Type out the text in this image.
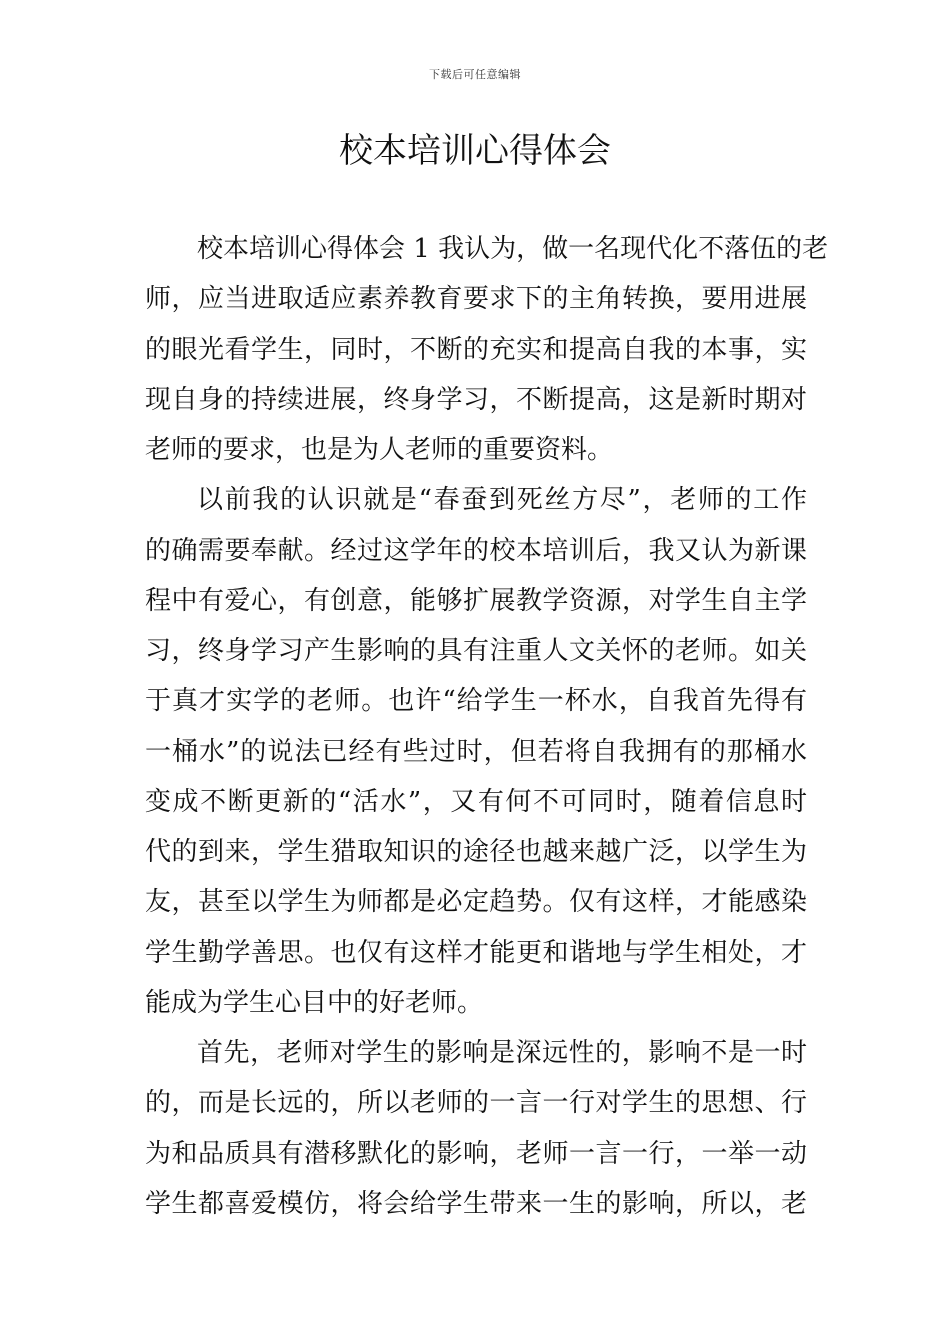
下载后可任意编辑
校本培训心得体会
校本培训心得体会 1 我认为，做一名现代化不落伍的老
师，应当进取适应素养教育要求下的主角转换，要用进展
的眼光看学生，同时，不断的充实和提高自我的本事，实
现自身的持续进展，终身学习，不断提高，这是新时期对
老师的要求，也是为人老师的重要资料。
以前我的认识就是“春蚕到死丝方尽”，老师的工作
的确需要奉献。经过这学年的校本培训后，我又认为新课
程中有爱心，有创意，能够扩展教学资源，对学生自主学
习，终身学习产生影响的具有注重人文关怀的老师。如关
于真才实学的老师。也许“给学生一杯水，自我首先得有
一桶水”的说法已经有些过时，但若将自我拥有的那桶水
变成不断更新的“活水”，又有何不可同时，随着信息时
代的到来，学生猎取知识的途径也越来越广泛，以学生为
友，甚至以学生为师都是必定趋势。仅有这样，才能感染
学生勤学善思。也仅有这样才能更和谐地与学生相处，才
能成为学生心目中的好老师。
首先，老师对学生的影响是深远性的，影响不是一时
的，而是长远的，所以老师的一言一行对学生的思想、行
为和品质具有潜移默化的影响，老师一言一行，一举一动
学生都喜爱模仿，将会给学生带来一生的影响，所以，老
